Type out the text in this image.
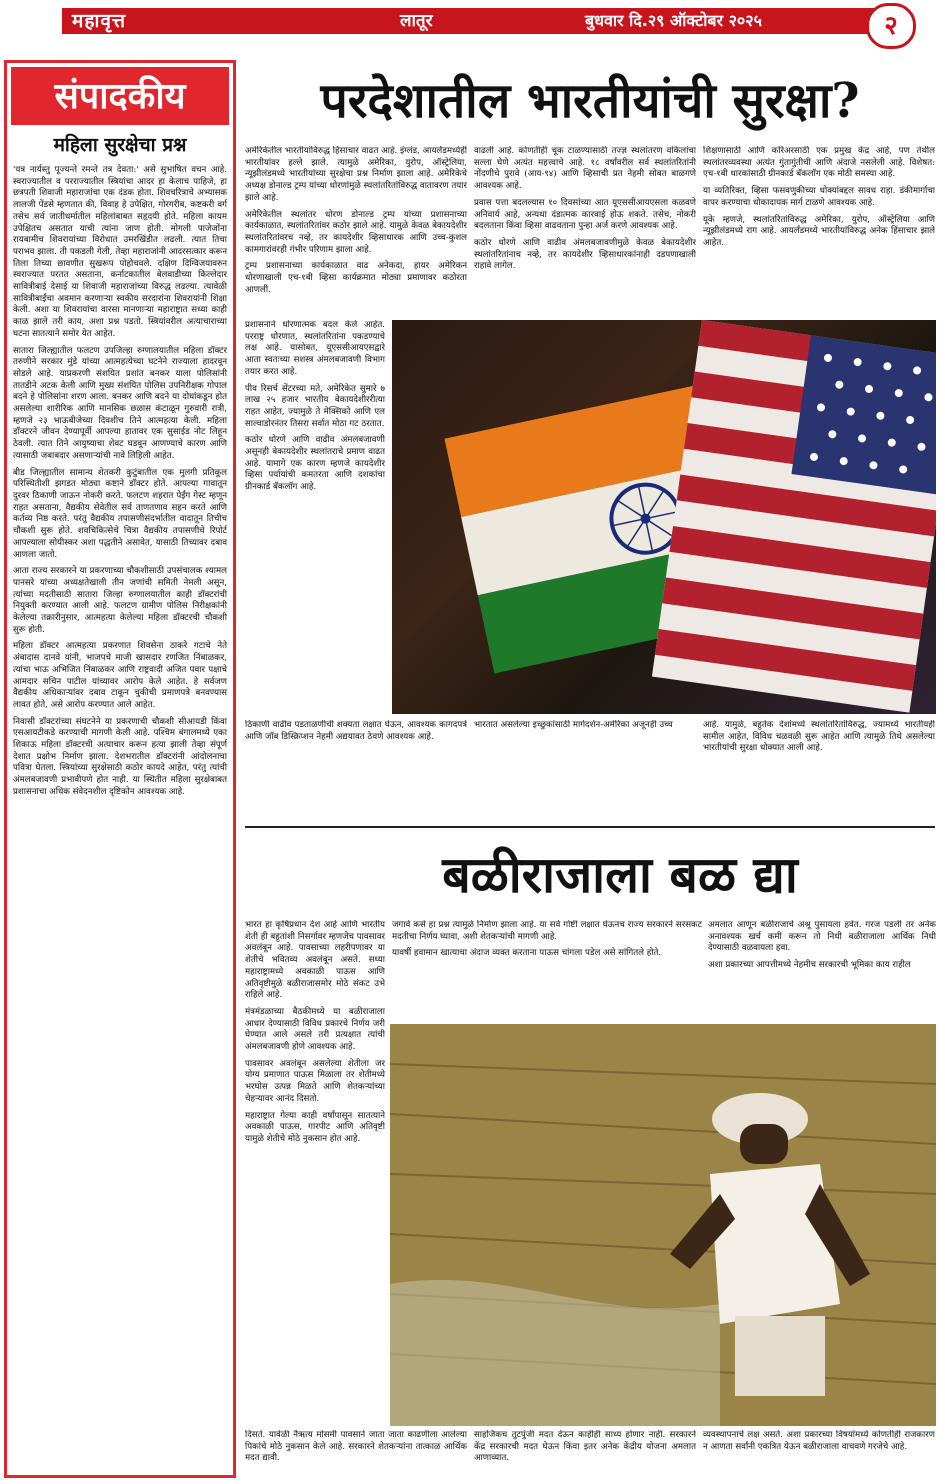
महावृत्त	लातूर	बुधवार दि.२९ ऑक्टोबर २०२५	२
संपादकीय
महिला सुरक्षेचा प्रश्न

'यत्र नार्यस्तु पूज्यन्ते रमन्ते तत्र देवता:' असे सुभाषित वचन आहे. स्वराज्यातील व परराज्यातील स्त्रियांचा आदर हा केलाच पाहिजे, हा छत्रपती शिवाजी महाराजांचा एक दंडक होता. शिवचरित्राचे अभ्यासक लालजी पेंडसे म्हणतात की, विवाह हे उपेक्षित, गोरगरीब, कष्टकरी वर्ग तसेच सर्व जातीधर्मातील महिलांबाबत सहृदयी होते. महिला कायम उपेक्षितच असतात याची त्यांना जाण होती. मोगली पाजेजोंना रायबामीच शिवरायांच्या विरोधात उमरखिंडीत लढली. त्यात तिचा पराभव झाला. ती पकडली गेली, तेव्हा महाराजांनी आदरसत्कार करून तिला तिच्या छावणीत सुखरूप पोहोचवले. दक्षिण दिग्विजयावरुन स्वराज्यात परतत असताना, कर्नाटकातील बेलवाडीच्या किल्लेदार सावित्रीबाई देसाई या शिवाजी महाराजांच्या विरुद्ध लढल्या. त्यावेळी सावित्रीबाईंचा अवमान करणाऱ्या स्वकीय सरदारांना शिवरायांनी शिक्षा केली. अशा या शिवरायांचा वारसा मानणाऱ्या महाराष्ट्रात सध्या काही काळ झाले तरी काय, अशा प्रश्न पडतो. स्त्रियांवरील अत्याचाराच्या घटना सातत्याने समोर येत आहेत.

सातारा जिल्ह्यातील फलटण उपजिल्हा रुग्णालयातील महिला डॉक्टर तरुणीने सरकार मुंडे यांच्या आत्महत्येच्या घटनेने राज्याला हादरवून सोडले आहे. याप्रकरणी संशयित प्रशांत बनकर याला पोलिसांनी तातडीने अटक केली आणि मुख्य संशयित पोलिस उपनिरीक्षक गोपाल बदने हे पोलिसांना शरण आला. बनकर आणि बदने या दोघांकडून होत असलेल्या शारीरिक आणि मानसिक छळास कंटाळून गुरुवारी रात्री, म्हणजे २३ भाऊबीजेच्या दिवशीच तिने आत्महत्या केली. महिला डॉक्टरने जीवन देण्यापूर्वी आपल्या हातावर एक सुसाईड नोट लिहून ठेवली. त्यात तिने आयुष्याचा शेवट घडवून आणण्याचे कारण आणि त्यासाठी जबाबदार असणाऱ्यांची नावे लिहिली आहेत.

बीड जिल्ह्यातील सामान्य शेतकरी कुटुंबातील एक मुलगी प्रतिकूल परिस्थितीशी झगडत मोठ्या कष्टाने डॉक्टर होते. आपल्या गावातून दुरवर ठिकाणी जाऊन नोकरी करते. फलटण शहरात पेईंग गेस्ट म्हणून राहत असताना, वैद्यकीय सेवेतील सर्व ताणतणाव सहन करते आणि कर्तव्य निष्ठ करते. परंतु वैद्यकीय तपासणीसंदर्भातील वादातून तिचीच चौकशी सुरू होते. शवचिकित्सेचे चित्रा वैद्यकीय तपासणीचे रिपोर्ट आपल्याला सोयीस्कर अशा पद्धतीने असावेत, यासाठी तिच्यावर दबाव आणला जातो.

आता राज्य सरकारने या प्रकरणाच्या चौकशीसाठी उपसंचालक श्यामल पानसरे यांच्या अध्यक्षतेखाली तीन जणांची समिती नेमली असून, त्यांच्या मदतीसाठी सातारा जिल्हा रुग्णालयातील काही डॉक्टरांची नियुक्ती करण्यात आली आहे. फलटण ग्रामीण पोलिस निरीक्षकांनी केलेल्या तक्रारीनुसार, आत्महत्या केलेल्या महिला डॉक्टरची चौकशी सुरू होती.

महिला डॉक्टर आत्महत्या प्रकरणात शिवसेना ठाकरे गटाचे नेते अंबादास दानवे यांनी, भाजपचे माजी खासदार रणजित निंबाळकर, त्यांचा भाऊ अभिजित निंबाळकर आणि राष्ट्रवादी अजित पवार पक्षाचे आमदार सचिन पाटील यांच्यावर आरोप केले आहेत. हे सर्वजण वैद्यकीय अधिकाऱ्यांवर दबाव टाकून चुकीची प्रमाणपत्रे बनवण्यास लावत होते, असे आरोप करण्यात आले आहेत.

निवासी डॉक्टरांच्या संघटनेने या प्रकरणाची चौकशी सीआयडी किंवा एसआयटीकडे करण्याची मागणी केली आहे. पश्चिम बंगालमध्ये एका शिकाऊ महिला डॉक्टरची अत्याचार करून हत्या झाली तेव्हा संपूर्ण देशात प्रक्षोभ निर्माण झाला. देशभरातील डॉक्टरांनी आंदोलनाचा पवित्रा घेतला. स्त्रियांच्या सुरक्षेसाठी कठोर कायदे आहेत, परंतु त्यांची अंमलबजावणी प्रभावीपणे होत नाही. या स्थितीत महिला सुरक्षेबाबत प्रशासनाचा अधिक संवेदनशील दृष्टिकोन आवश्यक आहे.

परदेशातील भारतीयांची सुरक्षा?

अमेरिकेतील भारतीयांविरुद्ध हिंसाचार वाढत आहे. इंग्लंड, आयर्लंडमध्येही भारतीयांवर हल्ले झाले. त्यामुळे अमेरिका, युरोप, ऑस्ट्रेलिया, न्यूझीलंडमध्ये भारतीयांच्या सुरक्षेचा प्रश्न निर्माण झाला आहे. अमेरिकेचे अध्यक्ष डोनाल्ड ट्रम्प यांच्या धोरणांमुळे स्थलांतरितांविरुद्ध वातावरण तयार झाले आहे.

अमेरिकेतील स्थलांतर धोरण डोनाल्ड ट्रम्प यांच्या प्रशासनाच्या कार्यकाळात, स्थलांतरितांवर कठोर झाले आहे. यामुळे केवळ बेकायदेशीर स्थलांतरितांवरच नव्हे, तर कायदेशीर व्हिसाधारक आणि उच्च-कुशल कामगारांवरही गंभीर परिणाम झाला आहे.

ट्रम्प प्रशासनाच्या कार्यकाळात वाढ अनेकदा, हायर अमेरिकन धोरणाखाली एच-१बी व्हिसा कार्यक्रमात मोठ्या प्रमाणावर कठोरता आणली.

वाढली आहे. कोणतीही चूक टाळण्यासाठी तज्ज्ञ स्थलांतरण वकिलांचा सल्ला घेणे अत्यंत महत्त्वाचे आहे. १८ वर्षांवरील सर्व स्थलांतरितांनी नोंदणीचे पुरावे (आय-९४) आणि व्हिसाची प्रत नेहमी सोबत बाळगणे आवश्यक आहे.

प्रवास पत्ता बदलल्यास १० दिवसांच्या आत यूएससीआयएसला कळवणे अनिवार्य आहे, अन्यथा दंडात्मक कारवाई होऊ शकते. तसेच, नोकरी बदलताना किंवा व्हिसा वाढवताना पुन्हा अर्ज करणे आवश्यक आहे.

कठोर धोरणे आणि वाढीव अंमलबजावणीमुळे केवळ बेकायदेशीर स्थलांतरितांनाच नव्हे, तर कायदेशीर व्हिसाधारकांनाही दडपणाखाली राहावे लागेल.

शिक्षणासाठी आणि करिअरसाठी एक प्रमुख केंद्र आहे, पण तेथील स्थलांतरव्यवस्था अत्यंत गुंतागुंतीची आणि अंदाजे नसलेली आहे. विशेषत: एच-१बी धारकांसाठी ग्रीनकार्ड बॅकलॉग एक मोठी समस्या आहे.

या व्यतिरिक्त, व्हिसा फसवणुकीच्या धोक्यांबद्दल सावध राहा. डंकीमार्गाचा वापर करण्याचा धोकादायक मार्ग टाळणे आवश्यक आहे.

यूके म्हणजे, स्थलांतरितांविरुद्ध अमेरिका, युरोप, ऑस्ट्रेलिया आणि न्यूझीलंडमध्ये राग आहे. आयर्लंडमध्ये भारतीयांविरुद्ध अनेक हिंसाचार झाले आहेत.

प्रशासनाने धोरणात्मक बदल केले आहेत. परराष्ट्र धोरणात, स्थलांतरितांना पकडण्याचे लक्ष आहे. यासोबत, यूएससीआयएसद्वारे आता स्वतःच्या सशस्त्र अंमलबजावणी विभाग तयार करत आहे.

पीव रिसर्च सेंटरच्या मते, अमेरिकेत सुमारे ७ लाख २५ हजार भारतीय बेकायदेशीररीत्या राहत आहेत, ज्यामुळे ते मेक्सिको आणि एल साल्वाडोरनंतर तिसरा सर्वात मोठा गट ठरतात.

कठोर धोरणे आणि वाढीव अंमलबजावणी असूनही बेकायदेशीर स्थलांतराचे प्रमाण वाढत आहे. यामागे एक कारण म्हणजे कायदेशीर व्हिसा पर्यायांची कमतरता आणि दशकांचा ग्रीनकार्ड बॅकलॉग आहे.

ठिकाणी वाढीव पडताळणीची शक्यता लक्षात घेऊन, आवश्यक कागदपत्रे आणि जॉब डिस्क्रिप्शन नेहमी अद्ययावत ठेवणे आवश्यक आहे.

भारतात असलेल्या इच्छुकांसाठी मार्गदर्शन-अमेरिका अजूनही उच्च	आहे. यामुळे, बहुतेक देशांमध्ये स्थलांतरितांविरुद्ध, ज्यामध्ये भारतीयही सामील आहेत, विविध चळवळी सुरू आहेत आणि त्यामुळे तिथे असलेल्या भारतीयांची सुरक्षा धोक्यात आली आहे.

बळीराजाला बळ द्या

भारत हा कृषिप्रधान देश आहे आणि भारतीय शेती ही बहुतांशी निसर्गावर म्हणजेच पावसावर अवलंबून आहे. पावसाच्या लहरीपणावर या शेतीचे भवितव्य अवलंबून असते. सध्या महाराष्ट्रामध्ये अवकाळी पाऊस आणि अतिवृष्टीमुळे बळीराजासमोर मोठे संकट उभे राहिले आहे.

मंत्रमंडळाच्या बैठकीमध्ये या बळीराजाला आधार देण्यासाठी विविध प्रकारचे निर्णय जरी घेण्यात आले असले तरी प्रत्यक्षात त्यांची अंमलबजावणी होणे आवश्यक आहे.

पावसावर अवलंबून असलेल्या शेतीला जर योग्य प्रमाणात पाऊस मिळाला तर शेतीमध्ये भरघोस उत्पन्न मिळते आणि शेतकऱ्यांच्या चेहऱ्यावर आनंद दिसतो.

महाराष्ट्रात गेल्या काही वर्षांपासून सातत्याने अवकाळी पाऊस, गारपीट आणि अतिवृष्टी यामुळे शेतीचे मोठे नुकसान होत आहे.

जगावे कसे हा प्रश्न त्यामुळे निर्माण झाला आहे. या सर्व गोष्टी लक्षात घेऊनच राज्य सरकारने सरसकट मदतीचा निर्णय घ्यावा, अशी शेतकऱ्यांची मागणी आहे.

यावर्षी हवामान खात्याचा अंदाज व्यक्त करताना पाऊस चांगला पडेल असे सांगितले होते.

अमलात आणून बळीराजाचे अश्रू पुसायला हवेत. गरज पडली तर अनेक अनावश्यक खर्च कमी करून तो निधी बळीराजाला आर्थिक निधी देण्यासाठी वळवायला हवा.

अशा प्रकारच्या आपत्तीमध्ये नेहमीच सरकारची भूमिका काय राहील

दिसते. यावेळी नैऋत्य मोसमी पावसाने जाता जाता काढणीला आलेल्या पिकांचे मोठे नुकसान केले आहे. सरकारने शेतकऱ्यांना तात्काळ आर्थिक मदत द्यावी.

साहजिकच तुटपुंजी मदत देऊन काहीही साध्य होणार नाही. सरकारने केंद्र सरकारची मदत घेऊन किंवा इतर अनेक केंद्रीय योजना अमलात आणाव्यात.

व्यवस्थापनाचे लक्ष असते. अशा प्रकारच्या विषयांमध्ये कोणतीही राजकारण न आणता सर्वांनी एकत्रित येऊन बळीराजाला वाचवणे गरजेचे आहे.
